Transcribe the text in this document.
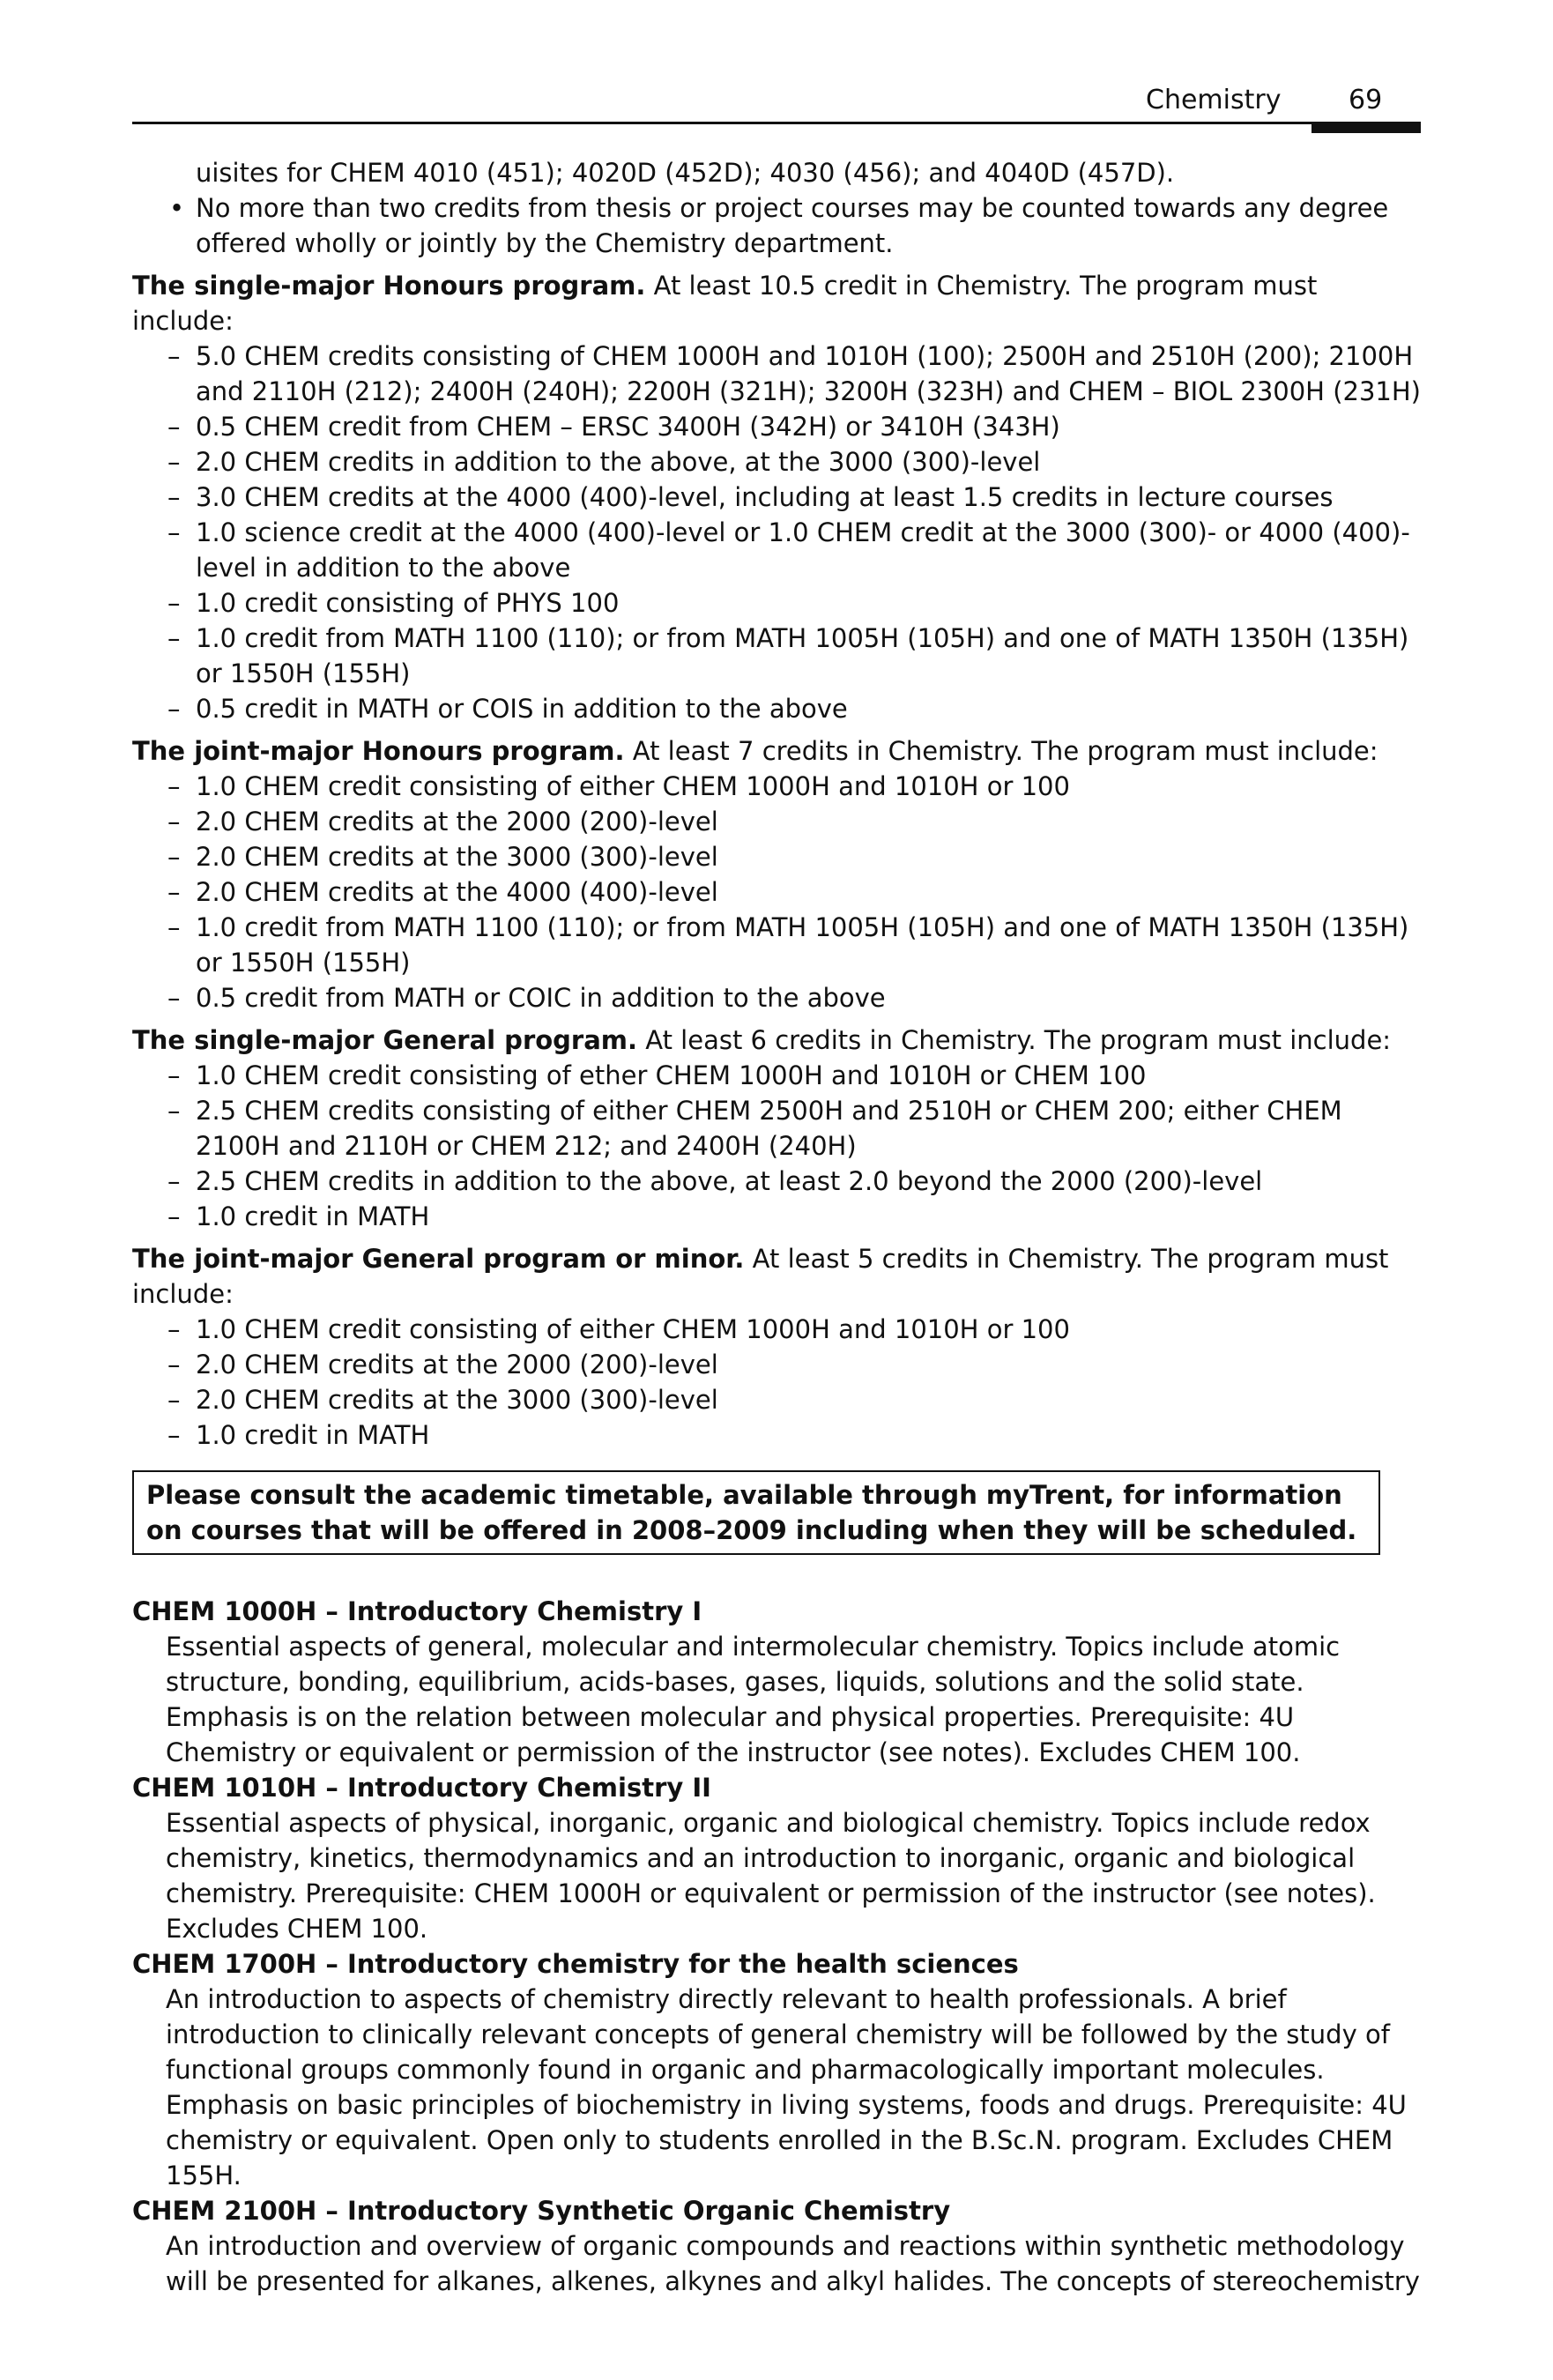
Chemistry	69

uisites for CHEM 4010 (451); 4020D (452D); 4030 (456); and 4040D (457D).

• No more than two credits from thesis or project courses may be counted towards any degree offered wholly or jointly by the Chemistry department.

The single-major Honours program. At least 10.5 credit in Chemistry. The program must include:

– 5.0 CHEM credits consisting of CHEM 1000H and 1010H (100); 2500H and 2510H (200); 2100H and 2110H (212); 2400H (240H); 2200H (321H); 3200H (323H) and CHEM – BIOL 2300H (231H)
– 0.5 CHEM credit from CHEM – ERSC 3400H (342H) or 3410H (343H)
– 2.0 CHEM credits in addition to the above, at the 3000 (300)-level
– 3.0 CHEM credits at the 4000 (400)-level, including at least 1.5 credits in lecture courses
– 1.0 science credit at the 4000 (400)-level or 1.0 CHEM credit at the 3000 (300)- or 4000 (400)-level in addition to the above
– 1.0 credit consisting of PHYS 100
– 1.0 credit from MATH 1100 (110); or from MATH 1005H (105H) and one of MATH 1350H (135H) or 1550H (155H)
– 0.5 credit in MATH or COIS in addition to the above

The joint-major Honours program. At least 7 credits in Chemistry. The program must include:

– 1.0 CHEM credit consisting of either CHEM 1000H and 1010H or 100
– 2.0 CHEM credits at the 2000 (200)-level
– 2.0 CHEM credits at the 3000 (300)-level
– 2.0 CHEM credits at the 4000 (400)-level
– 1.0 credit from MATH 1100 (110); or from MATH 1005H (105H) and one of MATH 1350H (135H) or 1550H (155H)
– 0.5 credit from MATH or COIC in addition to the above

The single-major General program. At least 6 credits in Chemistry. The program must include:

– 1.0 CHEM credit consisting of ether CHEM 1000H and 1010H or CHEM 100
– 2.5 CHEM credits consisting of either CHEM 2500H and 2510H or CHEM 200; either CHEM 2100H and 2110H or CHEM 212; and 2400H (240H)
– 2.5 CHEM credits in addition to the above, at least 2.0 beyond the 2000 (200)-level
– 1.0 credit in MATH

The joint-major General program or minor. At least 5 credits in Chemistry. The program must include:

– 1.0 CHEM credit consisting of either CHEM 1000H and 1010H or 100
– 2.0 CHEM credits at the 2000 (200)-level
– 2.0 CHEM credits at the 3000 (300)-level
– 1.0 credit in MATH
Please consult the academic timetable, available through myTrent, for information on courses that will be offered in 2008–2009 including when they will be scheduled.

CHEM 1000H – Introductory Chemistry I

Essential aspects of general, molecular and intermolecular chemistry. Topics include atomic structure, bonding, equilibrium, acids-bases, gases, liquids, solutions and the solid state. Emphasis is on the relation between molecular and physical properties. Prerequisite: 4U Chemistry or equivalent or permission of the instructor (see notes). Excludes CHEM 100.

CHEM 1010H – Introductory Chemistry II

Essential aspects of physical, inorganic, organic and biological chemistry. Topics include redox chemistry, kinetics, thermodynamics and an introduction to inorganic, organic and biological chemistry. Prerequisite: CHEM 1000H or equivalent or permission of the instructor (see notes). Excludes CHEM 100.

CHEM 1700H – Introductory chemistry for the health sciences

An introduction to aspects of chemistry directly relevant to health professionals. A brief introduction to clinically relevant concepts of general chemistry will be followed by the study of functional groups commonly found in organic and pharmacologically important molecules. Emphasis on basic principles of biochemistry in living systems, foods and drugs. Prerequisite: 4U chemistry or equivalent. Open only to students enrolled in the B.Sc.N. program. Excludes CHEM 155H.

CHEM 2100H – Introductory Synthetic Organic Chemistry

An introduction and overview of organic compounds and reactions within synthetic methodology will be presented for alkanes, alkenes, alkynes and alkyl halides. The concepts of stereochemistry
